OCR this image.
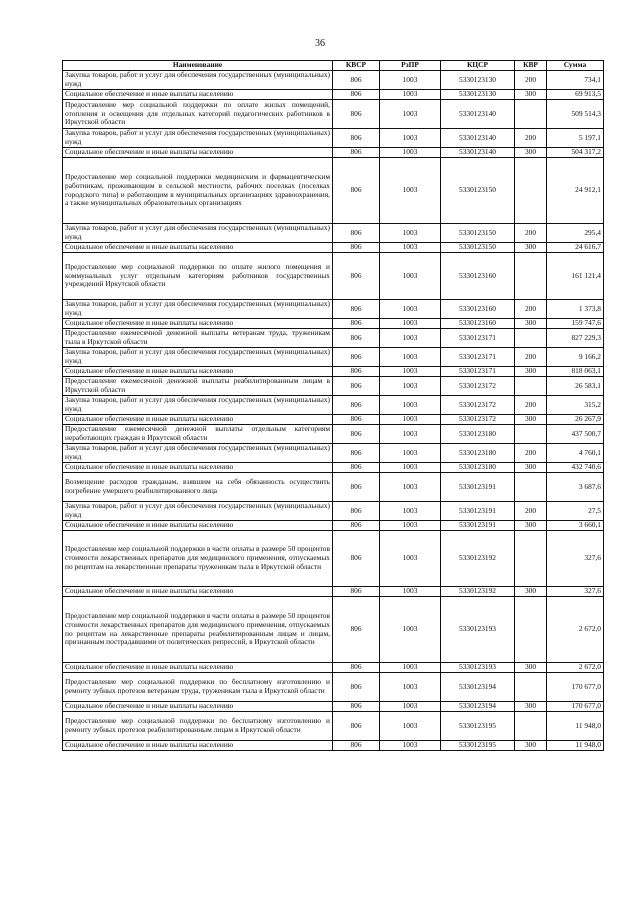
36
Наименование	КВСР	РзПР	КЦСР	КВР	Сумма
Закупка товаров, работ и услуг для обеспечения государственных (муниципальных) нужд	806	1003	5330123130	200	734,1
Социальное обеспечение и иные выплаты населению	806	1003	5330123130	300	69 913,5
Предоставление мер социальной поддержки по оплате жилых помещений, отопления и освещения для отдельных категорий педагогических работников в Иркутской области	806	1003	5330123140		509 514,3
Закупка товаров, работ и услуг для обеспечения государственных (муниципальных) нужд	806	1003	5330123140	200	5 197,1
Социальное обеспечение и иные выплаты населению	806	1003	5330123140	300	504 317,2
Предоставление мер социальной поддержки медицинским и фармацевтическим работникам, проживающим в сельской местности, рабочих поселках (поселках городского типа) и работающим в муниципальных организациях здравоохранения, а также муниципальных образовательных организациях	806	1003	5330123150		24 912,1
Закупка товаров, работ и услуг для обеспечения государственных (муниципальных) нужд	806	1003	5330123150	200	295,4
Социальное обеспечение и иные выплаты населению	806	1003	5330123150	300	24 616,7
Предоставление мер социальной поддержки по оплате жилого помещения и коммунальных услуг отдельным категориям работников государственных учреждений Иркутской области	806	1003	5330123160		161 121,4
Закупка товаров, работ и услуг для обеспечения государственных (муниципальных) нужд	806	1003	5330123160	200	1 373,8
Социальное обеспечение и иные выплаты населению	806	1003	5330123160	300	159 747,6
Предоставление ежемесячной денежной выплаты ветеранам труда, труженикам тыла в Иркутской области	806	1003	5330123171		827 229,3
Закупка товаров, работ и услуг для обеспечения государственных (муниципальных) нужд	806	1003	5330123171	200	9 166,2
Социальное обеспечение и иные выплаты населению	806	1003	5330123171	300	818 063,1
Предоставление ежемесячной денежной выплаты реабилитированным лицам в Иркутской области	806	1003	5330123172		26 583,1
Закупка товаров, работ и услуг для обеспечения государственных (муниципальных) нужд	806	1003	5330123172	200	315,2
Социальное обеспечение и иные выплаты населению	806	1003	5330123172	300	26 267,9
Предоставление ежемесячной денежной выплаты отдельным категориям неработающих граждан в Иркутской области	806	1003	5330123180		437 500,7
Закупка товаров, работ и услуг для обеспечения государственных (муниципальных) нужд	806	1003	5330123180	200	4 760,1
Социальное обеспечение и иные выплаты населению	806	1003	5330123180	300	432 740,6
Возмещение расходов гражданам, взявшим на себя обязанность осуществить погребение умершего реабилитированного лица	806	1003	5330123191		3 687,6
Закупка товаров, работ и услуг для обеспечения государственных (муниципальных) нужд	806	1003	5330123191	200	27,5
Социальное обеспечение и иные выплаты населению	806	1003	5330123191	300	3 660,1
Предоставление мер социальной поддержки в части оплаты в размере 50 процентов стоимости лекарственных препаратов для медицинского применения, отпускаемых по рецептам на лекарственные препараты труженикам тыла в Иркутской области	806	1003	5330123192		327,6
Социальное обеспечение и иные выплаты населению	806	1003	5330123192	300	327,6
Предоставление мер социальной поддержки в части оплаты в размере 50 процентов стоимости лекарственных препаратов для медицинского применения, отпускаемых по рецептам на лекарственные препараты реабилитированным лицам и лицам, признанным пострадавшими от политических репрессий, в Иркутской области	806	1003	5330123193		2 672,0
Социальное обеспечение и иные выплаты населению	806	1003	5330123193	300	2 672,0
Предоставление мер социальной поддержки по бесплатному изготовлению и ремонту зубных протезов ветеранам труда, труженикам тыла в Иркутской области	806	1003	5330123194		170 677,0
Социальное обеспечение и иные выплаты населению	806	1003	5330123194	300	170 677,0
Предоставление мер социальной поддержки по бесплатному изготовлению и ремонту зубных протезов реабилитированным лицам в Иркутской области	806	1003	5330123195		11 948,0
Социальное обеспечение и иные выплаты населению	806	1003	5330123195	300	11 948,0
